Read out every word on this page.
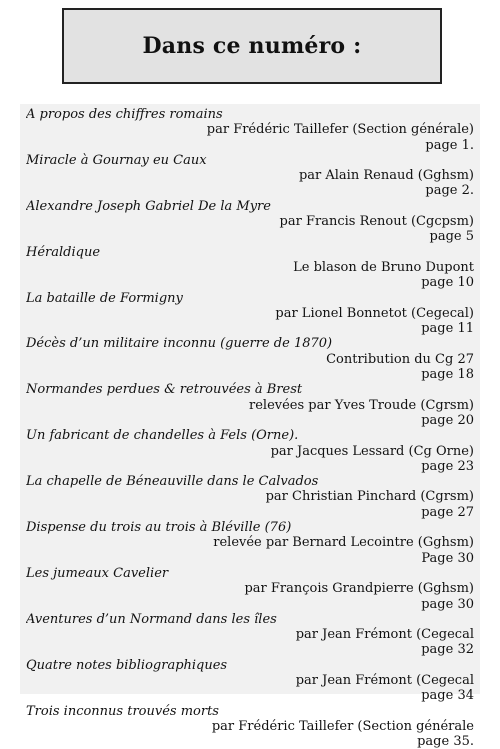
Dans ce numéro :
A propos des chiffres romains
par Frédéric Taillefer (Section générale)
page 1.
Miracle à Gournay eu Caux
par Alain Renaud (Gghsm)
page 2.
Alexandre Joseph Gabriel De la Myre
par Francis Renout (Cgcpsm)
page 5
Héraldique
Le blason de Bruno Dupont
page 10
La bataille de Formigny
par Lionel Bonnetot (Cegecal)
page 11
Décès d’un militaire inconnu (guerre de 1870)
Contribution du Cg 27
page 18
Normandes perdues & retrouvées à Brest
relevées par Yves Troude (Cgrsm)
page 20
Un fabricant de chandelles à Fels (Orne).
par Jacques Lessard (Cg Orne)
page 23
La chapelle de Béneauville dans le Calvados
par Christian Pinchard (Cgrsm)
page 27
Dispense du trois au trois à Bléville (76)
relevée par Bernard Lecointre (Gghsm)
Page 30
Les jumeaux Cavelier
par François Grandpierre (Gghsm)
page 30
Aventures d’un Normand dans les îles
par Jean Frémont (Cegecal
page 32
Quatre notes bibliographiques
par Jean Frémont (Cegecal
page 34
Trois inconnus trouvés morts
par Frédéric Taillefer (Section générale
page 35.
